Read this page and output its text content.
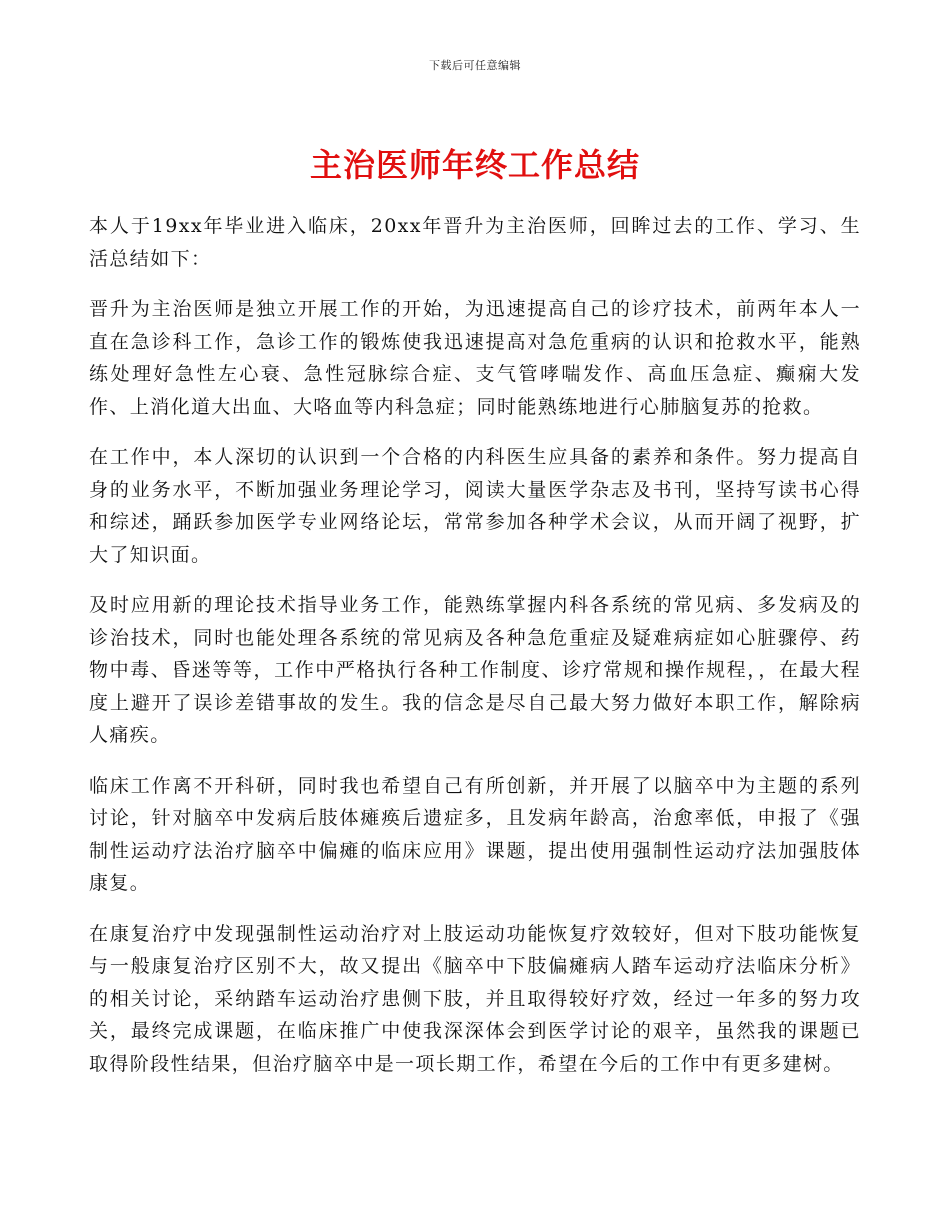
下载后可任意编辑
主治医师年终工作总结

本人于19xx年毕业进入临床，20xx年晋升为主治医师，回眸过去的工作、学习、生活总结如下：

晋升为主治医师是独立开展工作的开始，为迅速提高自己的诊疗技术，前两年本人一直在急诊科工作，急诊工作的锻炼使我迅速提高对急危重病的认识和抢救水平，能熟练处理好急性左心衰、急性冠脉综合症、支气管哮喘发作、高血压急症、癫痫大发作、上消化道大出血、大咯血等内科急症；同时能熟练地进行心肺脑复苏的抢救。

在工作中，本人深切的认识到一个合格的内科医生应具备的素养和条件。努力提高自身的业务水平，不断加强业务理论学习，阅读大量医学杂志及书刊，坚持写读书心得和综述，踊跃参加医学专业网络论坛，常常参加各种学术会议，从而开阔了视野，扩大了知识面。

及时应用新的理论技术指导业务工作，能熟练掌握内科各系统的常见病、多发病及的诊治技术，同时也能处理各系统的常见病及各种急危重症及疑难病症如心脏骤停、药物中毒、昏迷等等，工作中严格执行各种工作制度、诊疗常规和操作规程，，在最大程度上避开了误诊差错事故的发生。我的信念是尽自己最大努力做好本职工作，解除病人痛疾。

临床工作离不开科研，同时我也希望自己有所创新，并开展了以脑卒中为主题的系列讨论，针对脑卒中发病后肢体瘫痪后遗症多，且发病年龄高，治愈率低，申报了《强制性运动疗法治疗脑卒中偏瘫的临床应用》课题，提出使用强制性运动疗法加强肢体康复。

在康复治疗中发现强制性运动治疗对上肢运动功能恢复疗效较好，但对下肢功能恢复与一般康复治疗区别不大，故又提出《脑卒中下肢偏瘫病人踏车运动疗法临床分析》的相关讨论，采纳踏车运动治疗患侧下肢，并且取得较好疗效，经过一年多的努力攻关，最终完成课题，在临床推广中使我深深体会到医学讨论的艰辛，虽然我的课题已取得阶段性结果，但治疗脑卒中是一项长期工作，希望在今后的工作中有更多建树。
